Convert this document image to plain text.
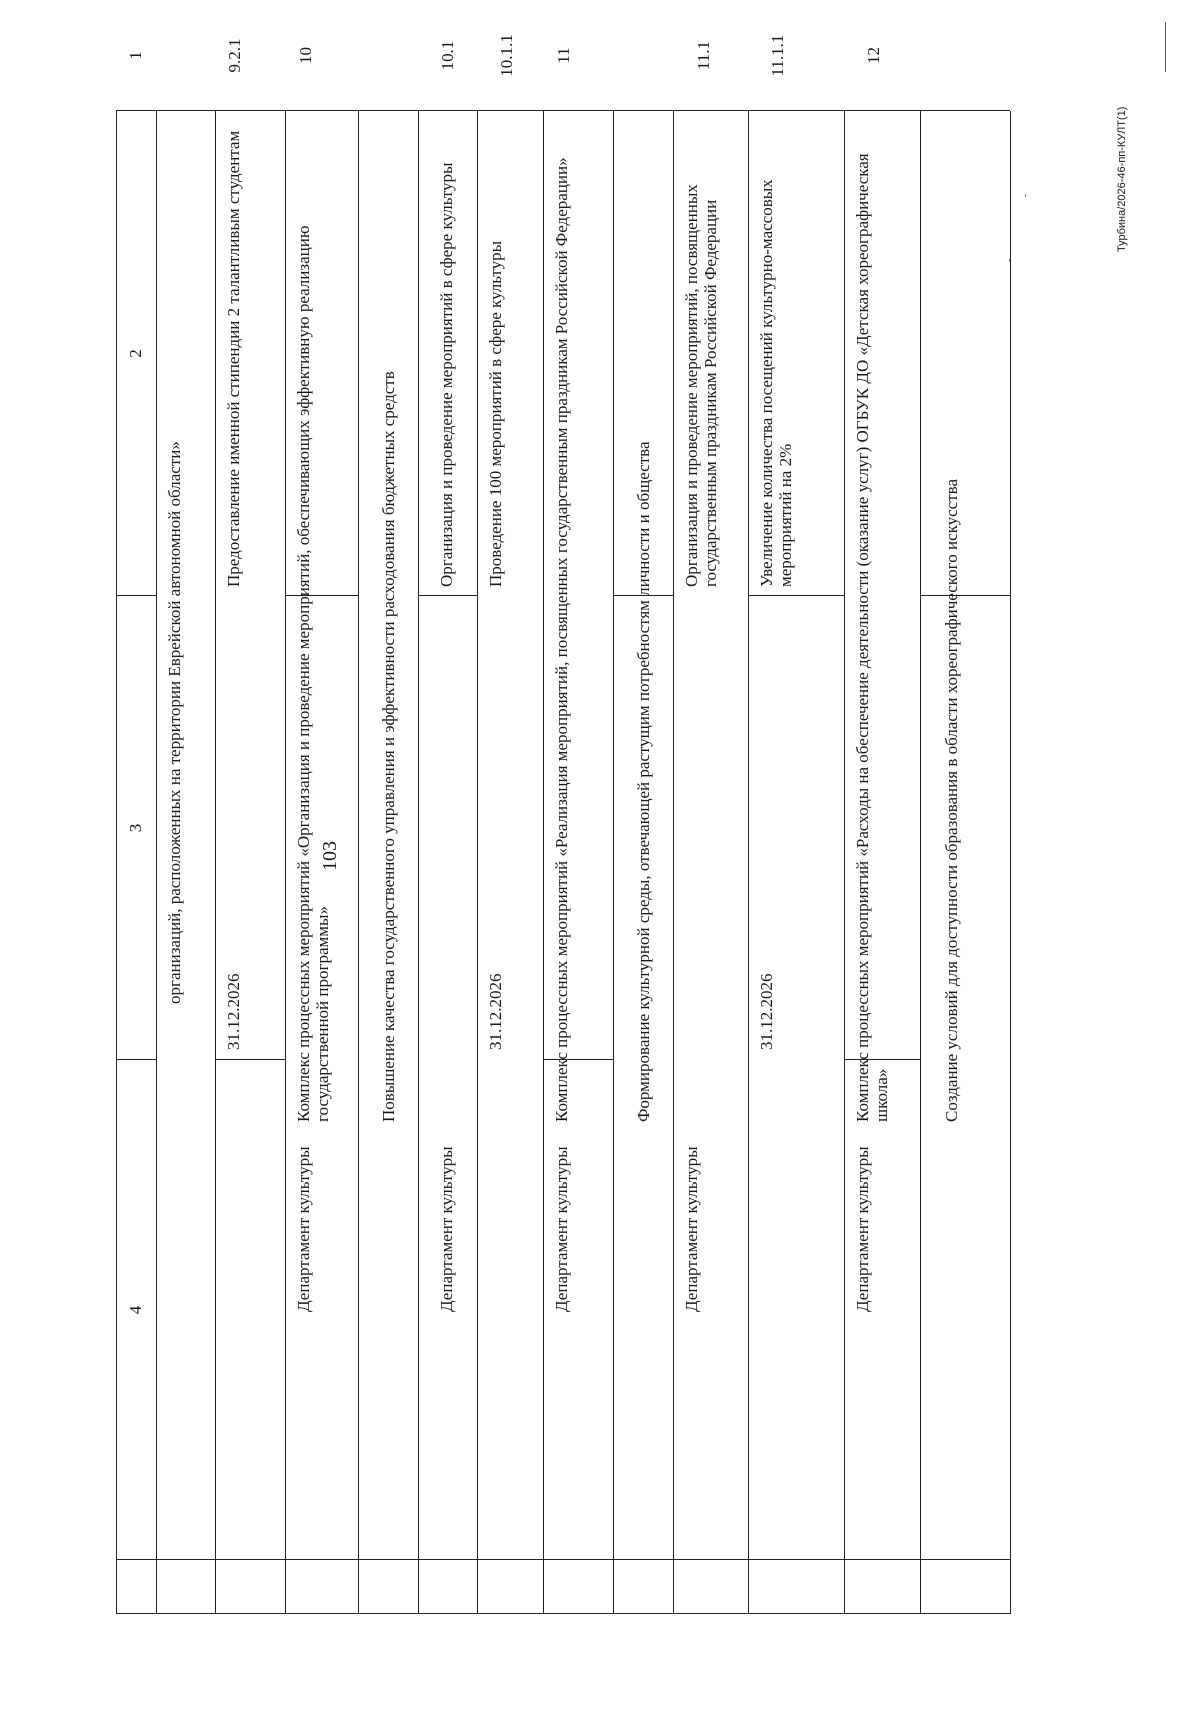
103
1
2
3
4
организаций, расположенных на территории Еврейской автономной области»
9.2.1
Предоставление именной стипендии 2 талантливым студентам
31.12.2026
10
Комплекс процессных мероприятий «Организация и проведение мероприятий, обеспечивающих эффективную реализацию государственной программы»
Департамент культуры
Повышение качества государственного управления и эффективности расходования бюджетных средств
10.1
Организация и проведение мероприятий в сфере культуры
Департамент культуры
10.1.1
Проведение 100 мероприятий в сфере культуры
31.12.2026
11
Комплекс процессных мероприятий «Реализация мероприятий, посвященных государственным праздникам Российской Федерации»
Департамент культуры
Формирование культурной среды, отвечающей растущим потребностям личности и общества
11.1
Организация и проведение мероприятий, посвященных государственным праздникам Российской Федерации
Департамент культуры
11.1.1
Увеличение количества посещений культурно-массовых мероприятий на 2%
31.12.2026
12
Комплекс процессных мероприятий «Расходы на обеспечение деятельности (оказание услуг) ОГБУК ДО «Детская хореографическая школа»
Департамент культуры
Создание условий для доступности образования в области хореографического искусства
Турбина/2026-46-пп-КУЛТ(1)
